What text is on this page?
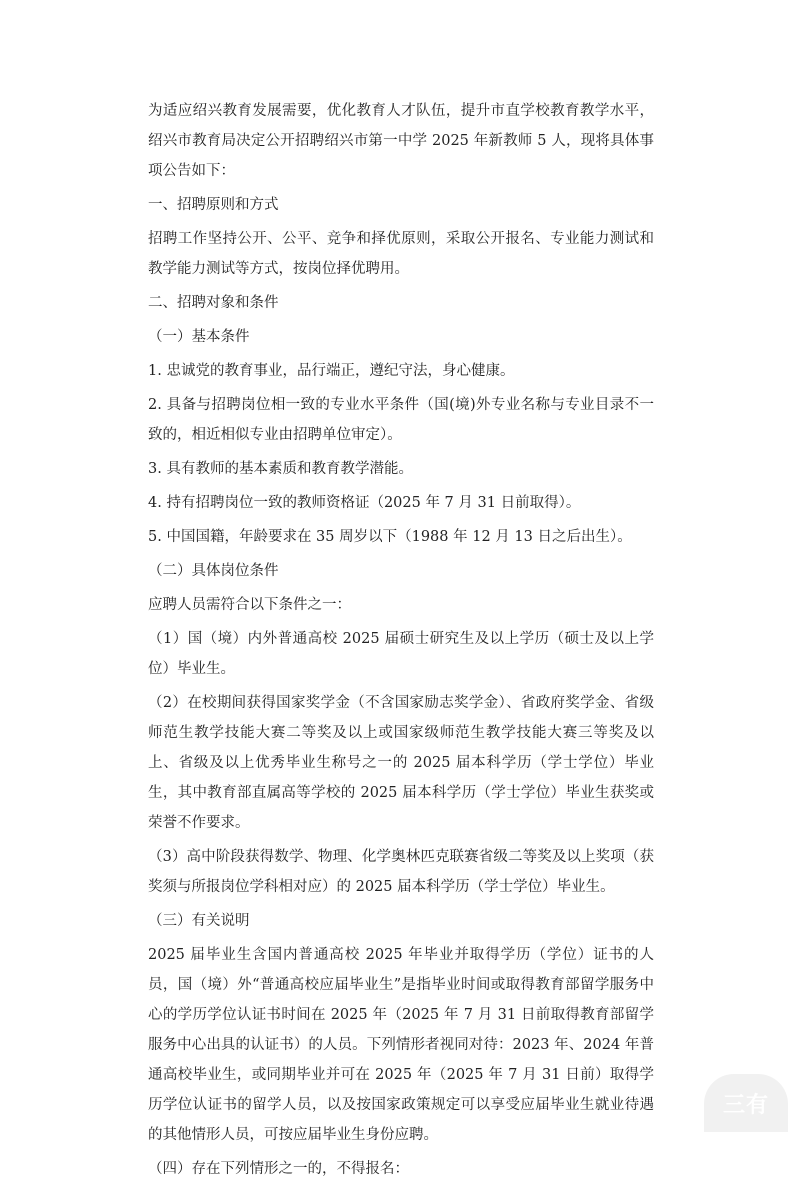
为适应绍兴教育发展需要，优化教育人才队伍，提升市直学校教育教学水平，绍兴市教育局决定公开招聘绍兴市第一中学 2025 年新教师 5 人，现将具体事项公告如下：

一、招聘原则和方式

招聘工作坚持公开、公平、竞争和择优原则，采取公开报名、专业能力测试和教学能力测试等方式，按岗位择优聘用。

二、招聘对象和条件

（一）基本条件

1. 忠诚党的教育事业，品行端正，遵纪守法，身心健康。

2. 具备与招聘岗位相一致的专业水平条件（国(境)外专业名称与专业目录不一致的，相近相似专业由招聘单位审定）。

3. 具有教师的基本素质和教育教学潜能。

4. 持有招聘岗位一致的教师资格证（2025 年 7 月 31 日前取得）。

5. 中国国籍，年龄要求在 35 周岁以下（1988 年 12 月 13 日之后出生）。

（二）具体岗位条件

应聘人员需符合以下条件之一：

（1）国（境）内外普通高校 2025 届硕士研究生及以上学历（硕士及以上学位）毕业生。

（2）在校期间获得国家奖学金（不含国家励志奖学金）、省政府奖学金、省级师范生教学技能大赛二等奖及以上或国家级师范生教学技能大赛三等奖及以上、省级及以上优秀毕业生称号之一的 2025 届本科学历（学士学位）毕业生，其中教育部直属高等学校的 2025 届本科学历（学士学位）毕业生获奖或荣誉不作要求。

（3）高中阶段获得数学、物理、化学奥林匹克联赛省级二等奖及以上奖项（获奖须与所报岗位学科相对应）的 2025 届本科学历（学士学位）毕业生。

（三）有关说明

2025 届毕业生含国内普通高校 2025 年毕业并取得学历（学位）证书的人员，国（境）外“普通高校应届毕业生”是指毕业时间或取得教育部留学服务中心的学历学位认证书时间在 2025 年（2025 年 7 月 31 日前取得教育部留学服务中心出具的认证书）的人员。下列情形者视同对待：2023 年、2024 年普通高校毕业生，或同期毕业并可在 2025 年（2025 年 7 月 31 日前）取得学历学位认证书的留学人员，以及按国家政策规定可以享受应届毕业生就业待遇的其他情形人员，可按应届毕业生身份应聘。

（四）存在下列情形之一的，不得报名：

三有
